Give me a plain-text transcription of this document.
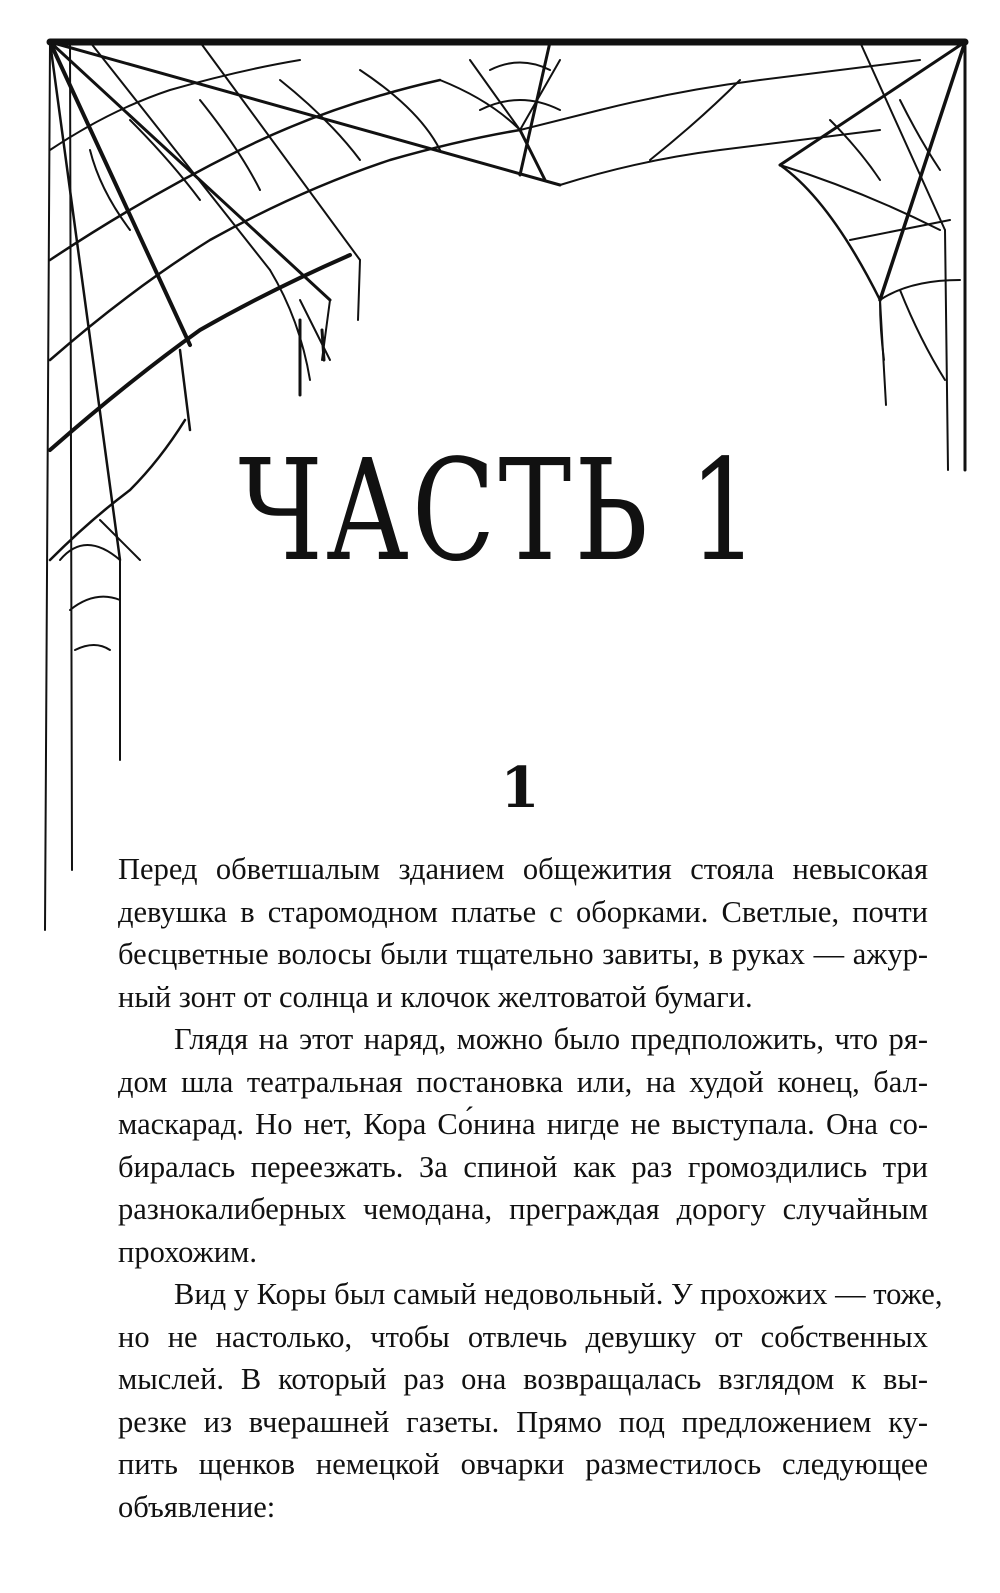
ЧАСТЬ 1
1
Перед обветшалым зданием общежития стояла невысокая
девушка в старомодном платье с оборками. Светлые, почти
бесцветные волосы были тщательно завиты, в руках — ажур-
ный зонт от солнца и клочок желтоватой бумаги.
Глядя на этот наряд, можно было предположить, что ря-
дом шла театральная постановка или, на худой конец, бал-
маскарад. Но нет, Кора Со́нина нигде не выступала. Она со-
биралась переезжать. За спиной как раз громоздились три
разнокалиберных чемодана, преграждая дорогу случайным
прохожим.
Вид у Коры был самый недовольный. У прохожих — тоже,
но не настолько, чтобы отвлечь девушку от собственных
мыслей. В который раз она возвращалась взглядом к вы-
резке из вчерашней газеты. Прямо под предложением ку-
пить щенков немецкой овчарки разместилось следующее
объявление:
